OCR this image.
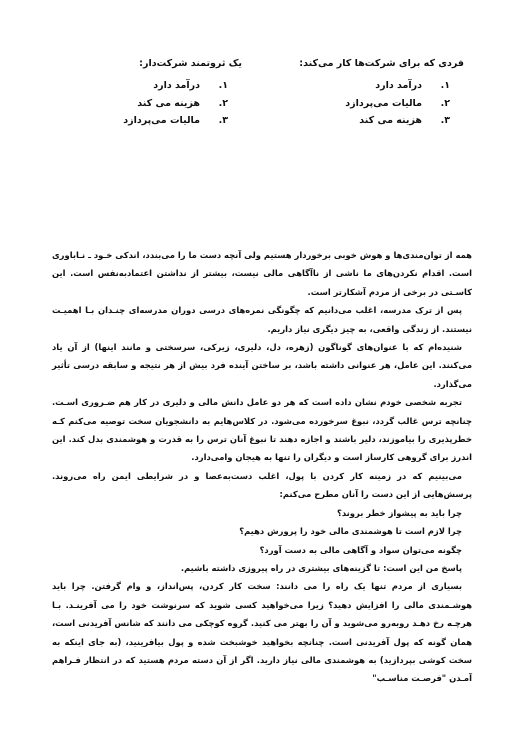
فردی که برای شرکت‌ها کار می‌کند:
۱.
درآمد دارد
۲.
مالیات می‌پردازد
۳.
هزینه می کند
یک ثروتمند شرکت‌دار:
۱.
درآمد دارد
۲.
هزینه می کند
۳.
مالیات می‌پردازد

همه از توان‌مندی‌ها و هوش خوبی برخوردار هستیم ولی آنچه دست ما را می‌بندد، اندکی خـود ـ نـاباوری است. اقدام نکردن‌های ما ناشی از ناآگاهی مالی نیست، بیشتر از نداشتن اعتمادبه‌نفس است. این کاسـتی در برخی از مردم آشکارتر است.

پس از ترک مدرسه، اغلب می‌دانیم که چگونگی نمره‌های درسی دوران مدرسه‌ای چنـدان بـا اهمیـت نیستند. از زندگی واقعی، به چیز دیگری نیاز داریم.

شنیده‌ام که با عنوان‌های گوناگون (زهره، دل، دلیری، زیرکی، سرسختی و مانند اینها) از آن یاد می‌کنند. این عامل، هر عنوانی داشته باشد، بر ساختن آینده فرد بیش از هر نتیجه و سابقه درسی تأثیر می‌گذارد.

تجربه شخصی خودم نشان داده است که هر دو عامل دانش مالی و دلیری در کار هم ضـروری اسـت. چنانچه ترس غالب گردد، نبوغ سرخورده می‌شود. در کلاس‌هایم به دانشجویان سخت توصیه می‌کنم کـه خطرپذیری را بیاموزند، دلیر باشند و اجازه دهند تا نبوغ آنان ترس را به قدرت و هوشمندی بدل کند. این اندرز برای گروهی کارساز است و دیگران را تنها به هیجان وامی‌دارد.

می‌بینیم که در زمینه کار کردن با پول، اغلب دست‌به‌عصا و در شرایطی ایمن راه می‌روند. پرسش‌هایی از این دست را آنان مطرح می‌کنم:

چرا باید به پیشواز خطر بروند؟

چرا لازم است تا هوشمندی مالی خود را پرورش دهیم؟

چگونه می‌توان سواد و آگاهی مالی به دست آورد؟

پاسخ من این است: تا گزینه‌های بیشتری در راه پیروزی داشته باشیم.

بسیاری از مردم تنها یک راه را می دانند: سخت کار کردن، پس‌انداز، و وام گرفتن. چرا باید هوشـمندی مالی را افزایش دهید؟ زیرا می‌خواهید کسی شوید که سرنوشت خود را می آفرینـد. بـا هرچـه رخ دهـد روبه‌رو می‌شوید و آن را بهتر می کنید. گروه کوچکی می دانند که شانس آفریدنی است، همان گونه که پول آفریدنی است. چنانچه بخواهید خوشبخت شده و پول بیافرینید، (به جای اینکه به سخت کوشی بپردازید) به هوشمندی مالی نیاز دارید. اگر از آن دسته مردم هستید که در انتظار فـراهم آمـدن "فرصـت مناسـب"
